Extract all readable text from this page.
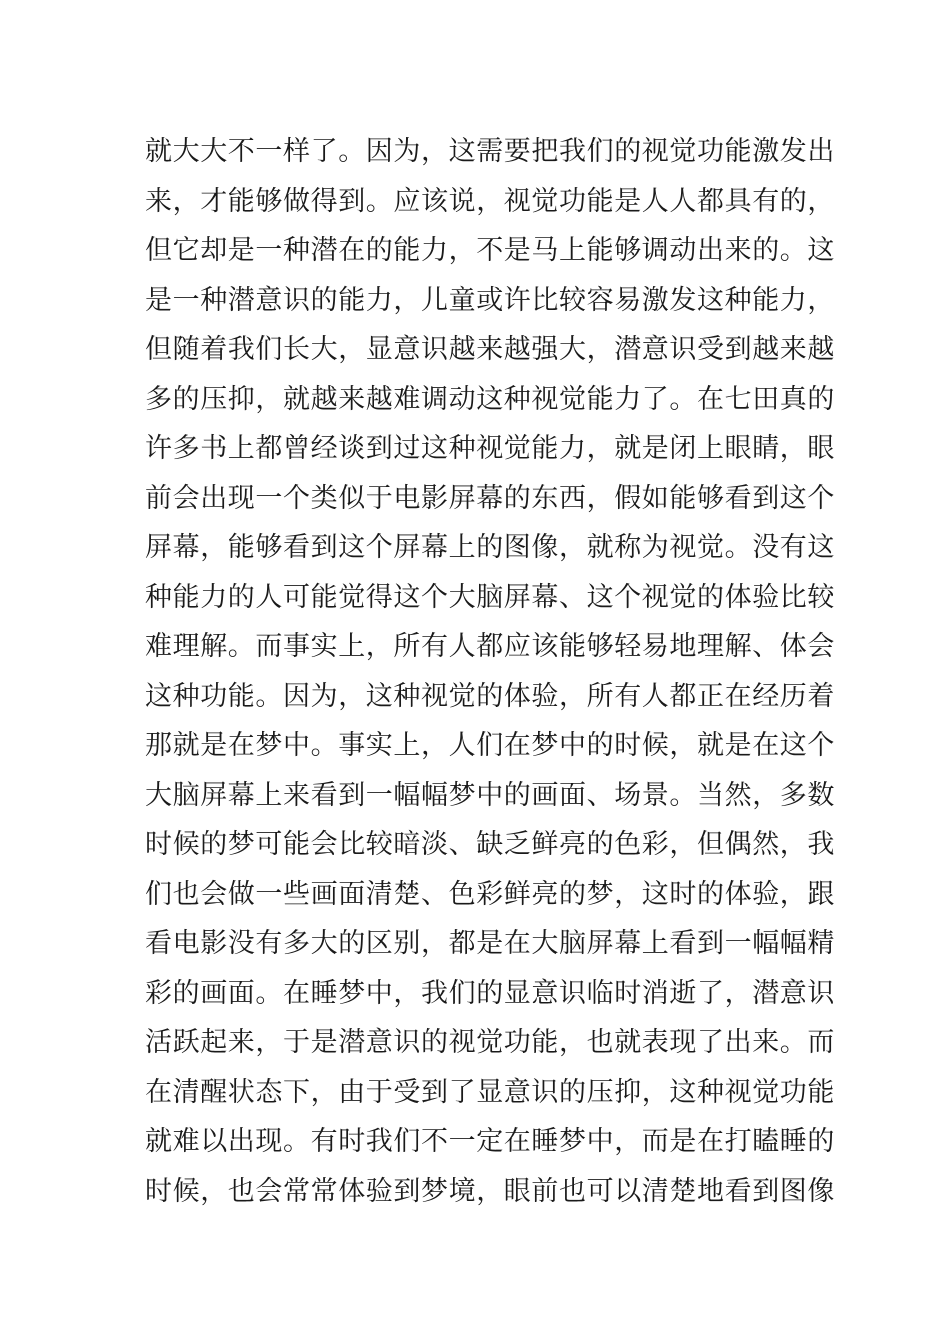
就大大不一样了。因为，这需要把我们的视觉功能激发出
来，才能够做得到。应该说，视觉功能是人人都具有的，
但它却是一种潜在的能力，不是马上能够调动出来的。这
是一种潜意识的能力，儿童或许比较容易激发这种能力，
但随着我们长大，显意识越来越强大，潜意识受到越来越
多的压抑，就越来越难调动这种视觉能力了。在七田真的
许多书上都曾经谈到过这种视觉能力，就是闭上眼睛，眼
前会出现一个类似于电影屏幕的东西，假如能够看到这个
屏幕，能够看到这个屏幕上的图像，就称为视觉。没有这
种能力的人可能觉得这个大脑屏幕、这个视觉的体验比较
难理解。而事实上，所有人都应该能够轻易地理解、体会
这种功能。因为，这种视觉的体验，所有人都正在经历着
那就是在梦中。事实上，人们在梦中的时候，就是在这个
大脑屏幕上来看到一幅幅梦中的画面、场景。当然，多数
时候的梦可能会比较暗淡、缺乏鲜亮的色彩，但偶然，我
们也会做一些画面清楚、色彩鲜亮的梦，这时的体验，跟
看电影没有多大的区别，都是在大脑屏幕上看到一幅幅精
彩的画面。在睡梦中，我们的显意识临时消逝了，潜意识
活跃起来，于是潜意识的视觉功能，也就表现了出来。而
在清醒状态下，由于受到了显意识的压抑，这种视觉功能
就难以出现。有时我们不一定在睡梦中，而是在打瞌睡的
时候，也会常常体验到梦境，眼前也可以清楚地看到图像
